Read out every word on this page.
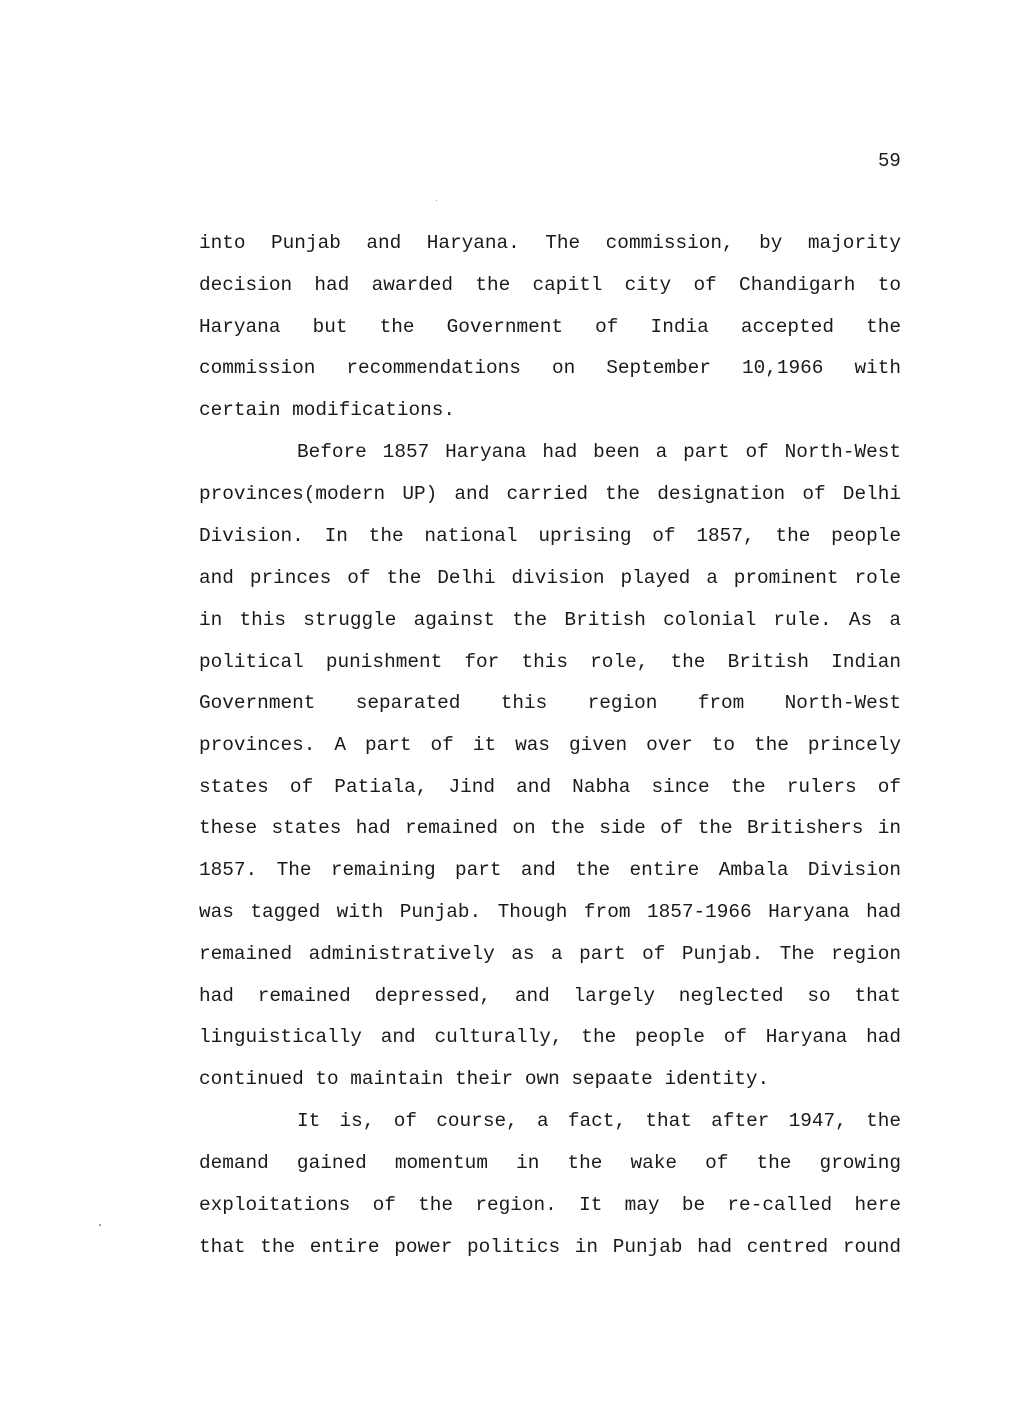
59
into Punjab and Haryana. The commission, by majority
decision had awarded the capitl city of Chandigarh to
Haryana but the Government of India accepted the
commission recommendations on September 10,1966 with
certain modifications.
Before 1857 Haryana had been a part of North-West
provinces(modern UP) and carried the designation of Delhi
Division. In the national uprising of 1857, the people
and princes of the Delhi division played a prominent role
in this struggle against the British colonial rule. As a
political punishment for this role, the British Indian
Government separated this region from North-West
provinces. A part of it was given over to the princely
states of Patiala, Jind and Nabha since the rulers of
these states had remained on the side of the Britishers in
1857. The remaining part and the entire Ambala Division
was tagged with Punjab. Though from 1857-1966 Haryana had
remained administratively as a part of Punjab. The region
had remained depressed, and largely neglected so that
linguistically and culturally, the people of Haryana had
continued to maintain their own sepaate identity.
It is, of course, a fact, that after 1947, the
demand gained momentum in the wake of the growing
exploitations of the region. It may be re-called here
that the entire power politics in Punjab had centred round
